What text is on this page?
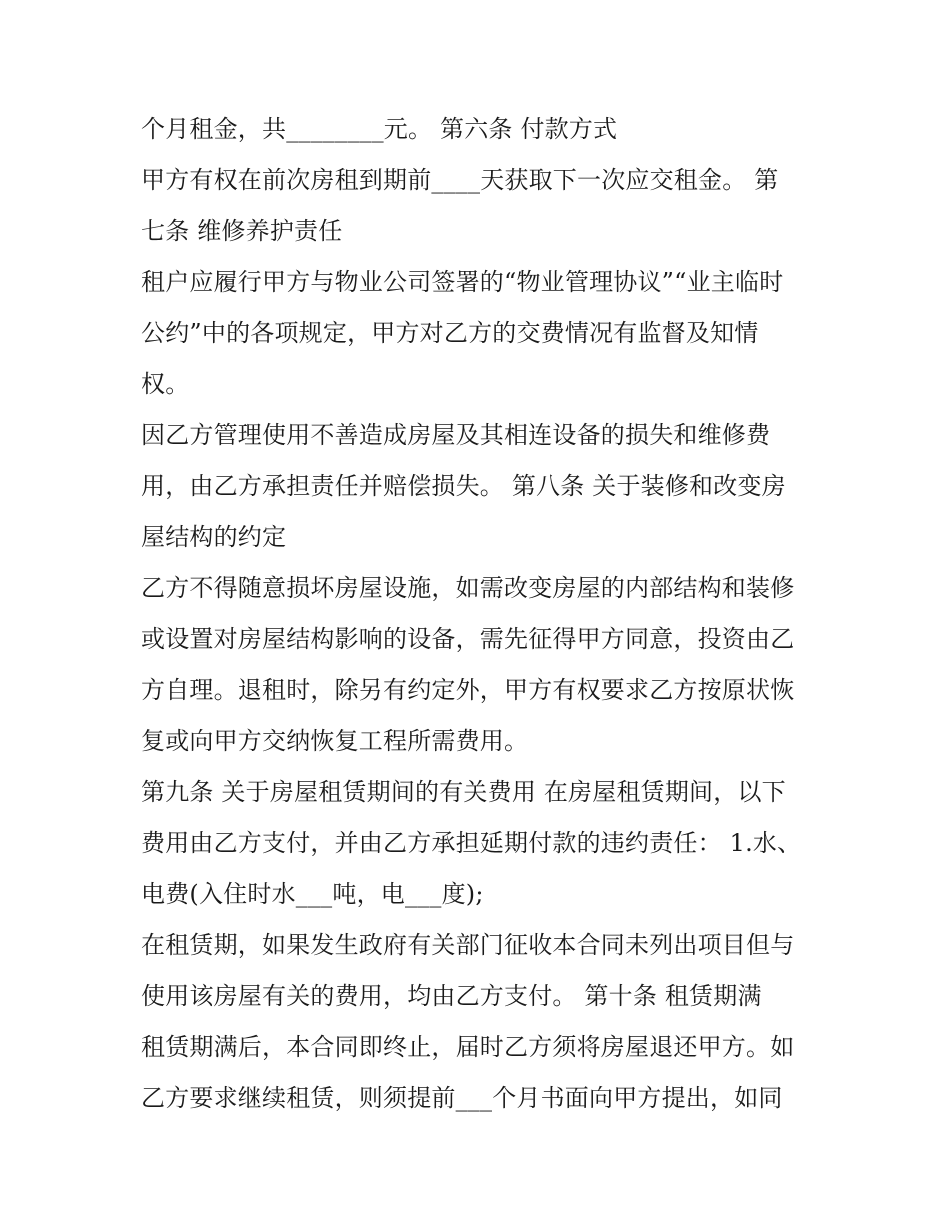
个月租金，共________元。 第六条 付款方式
甲方有权在前次房租到期前____天获取下一次应交租金。 第
七条 维修养护责任
租户应履行甲方与物业公司签署的“物业管理协议”“业主临时
公约”中的各项规定，甲方对乙方的交费情况有监督及知情
权。
因乙方管理使用不善造成房屋及其相连设备的损失和维修费
用，由乙方承担责任并赔偿损失。 第八条 关于装修和改变房
屋结构的约定
乙方不得随意损坏房屋设施，如需改变房屋的内部结构和装修
或设置对房屋结构影响的设备，需先征得甲方同意，投资由乙
方自理。退租时，除另有约定外，甲方有权要求乙方按原状恢
复或向甲方交纳恢复工程所需费用。
第九条 关于房屋租赁期间的有关费用 在房屋租赁期间，以下
费用由乙方支付，并由乙方承担延期付款的违约责任： 1.水、
电费(入住时水___吨，电___度);
在租赁期，如果发生政府有关部门征收本合同未列出项目但与
使用该房屋有关的费用，均由乙方支付。 第十条 租赁期满
租赁期满后，本合同即终止，届时乙方须将房屋退还甲方。如
乙方要求继续租赁，则须提前___个月书面向甲方提出，如同
